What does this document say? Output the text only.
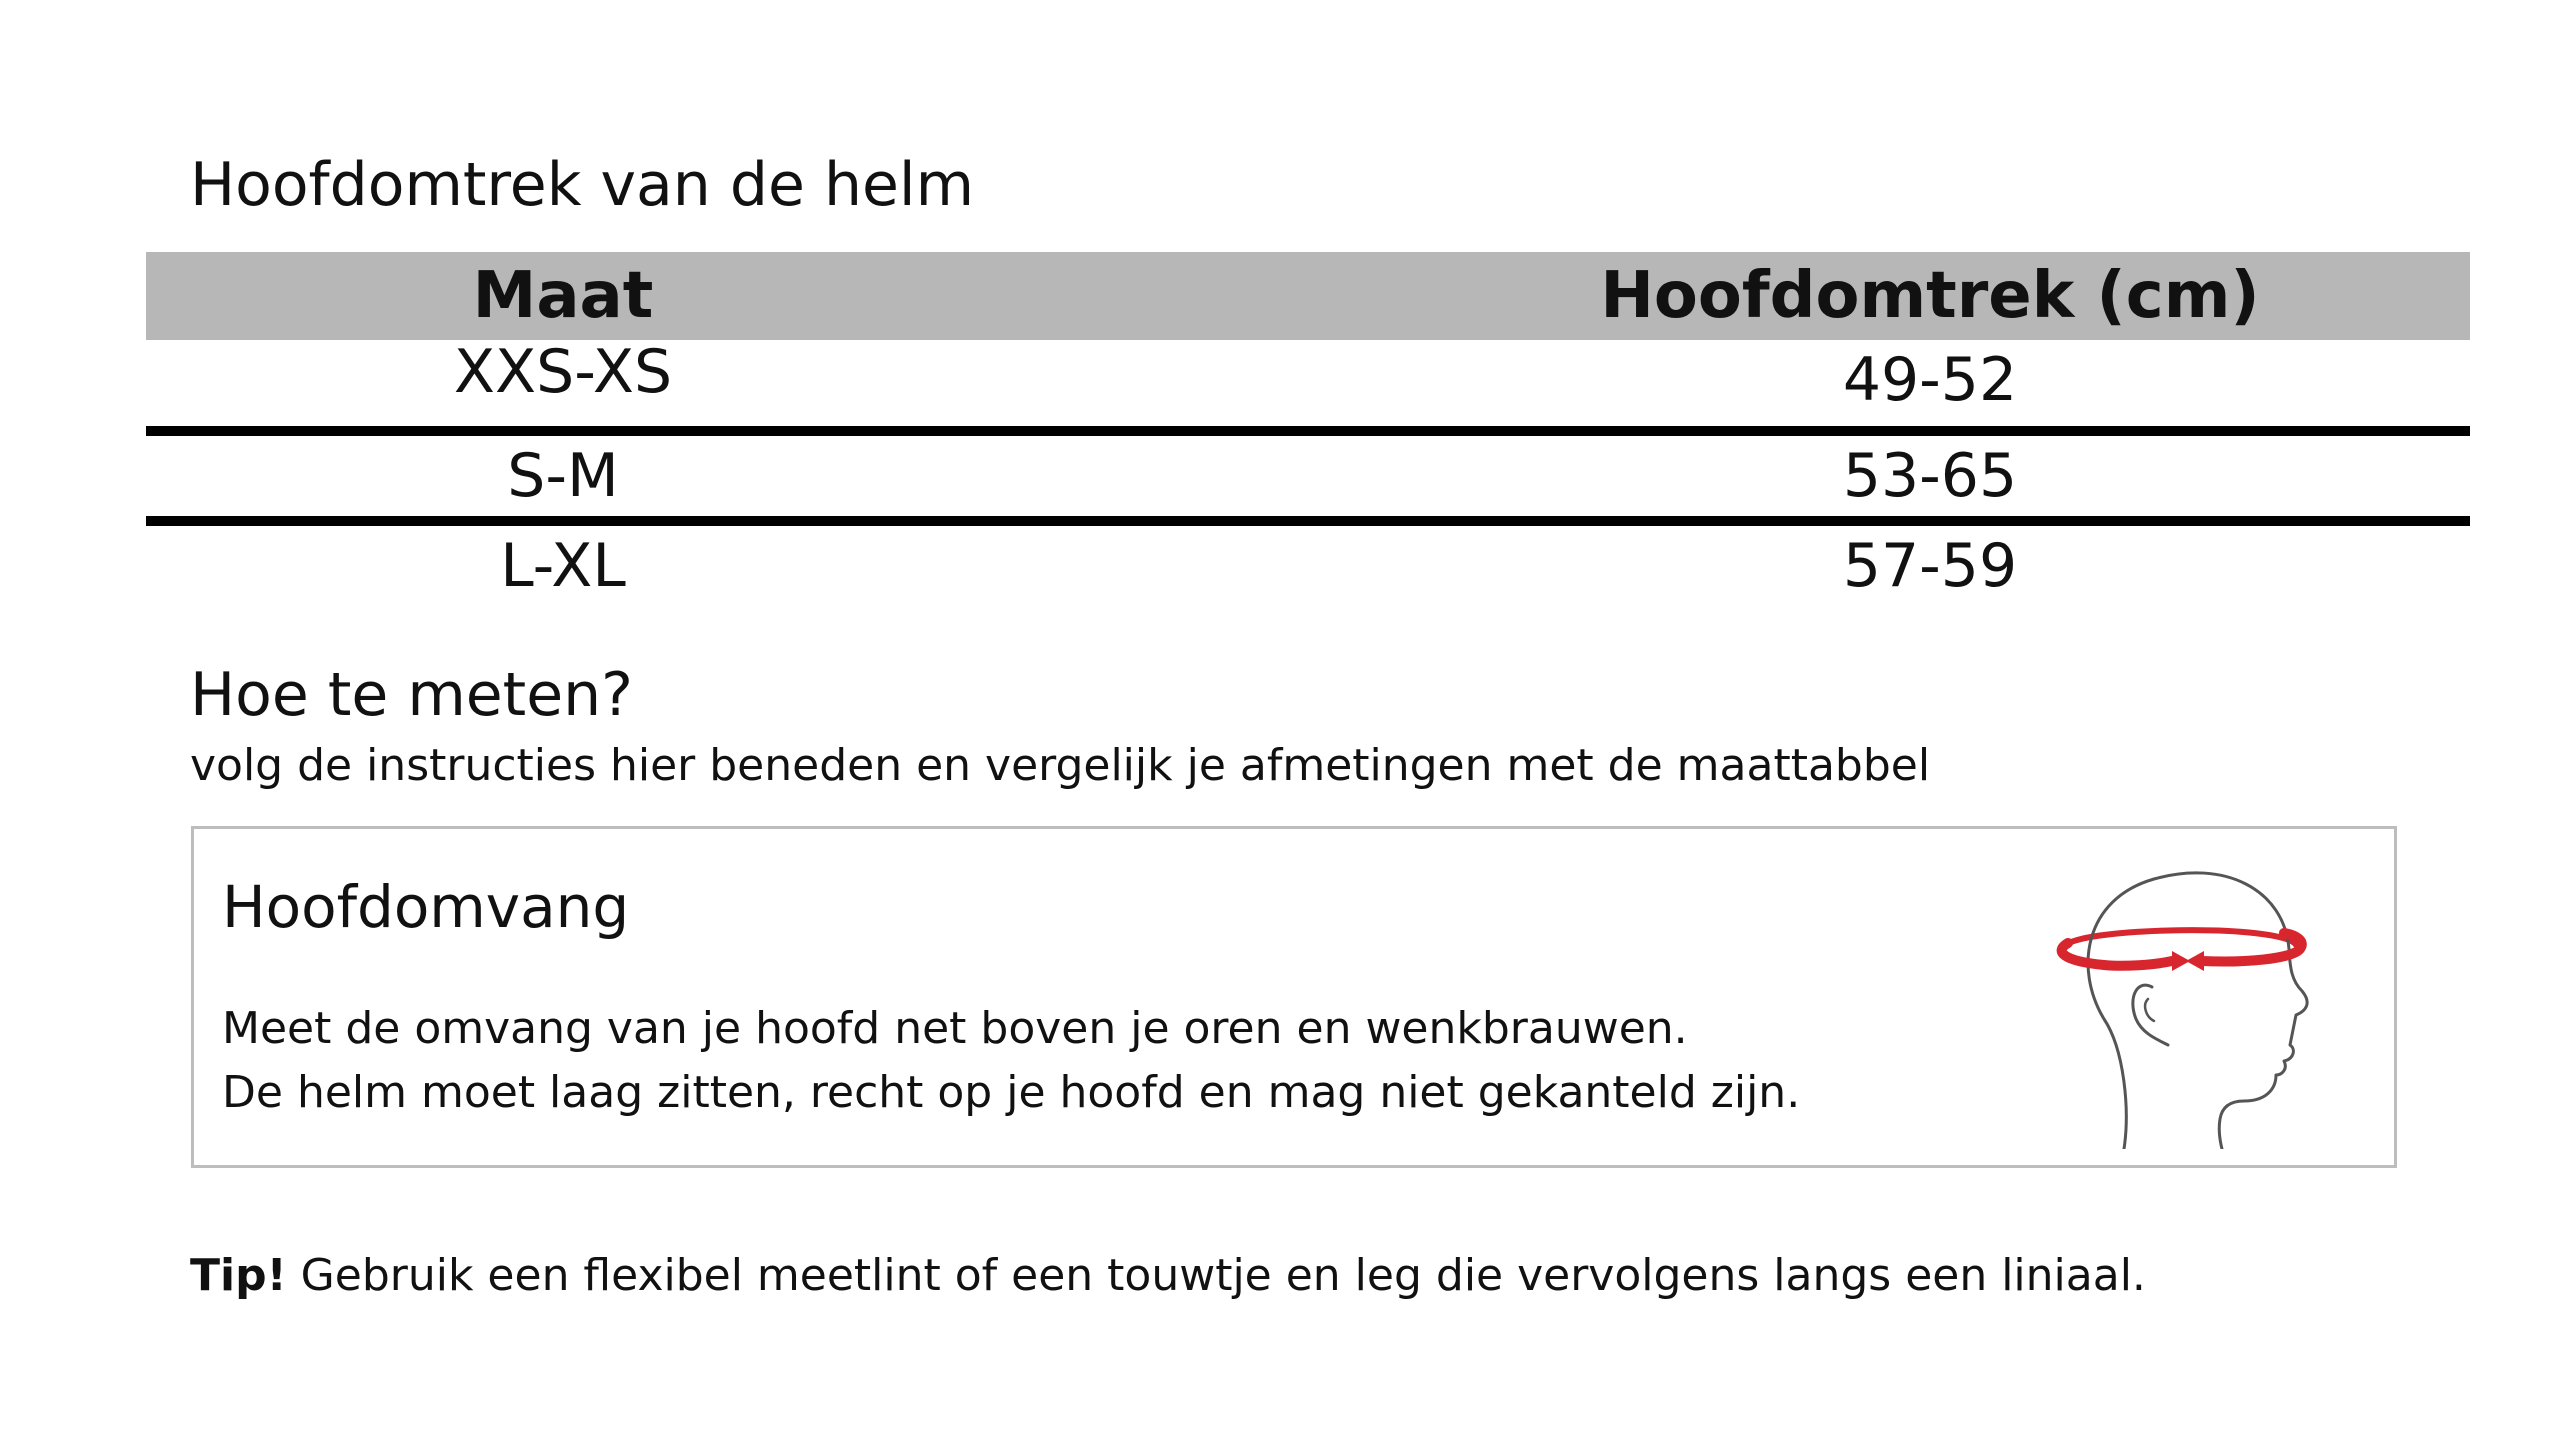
Hoofdomtrek van de helm
Maat	Hoofdomtrek (cm)
XXS-XS	49-52
S-M	53-65
L-XL	57-59
Hoe te meten?
volg de instructies hier beneden en vergelijk je afmetingen met de maattabbel
Hoofdomvang
Meet de omvang van je hoofd net boven je oren en wenkbrauwen.
De helm moet laag zitten, recht op je hoofd en mag niet gekanteld zijn.
Tip! Gebruik een flexibel meetlint of een touwtje en leg die vervolgens langs een liniaal.
